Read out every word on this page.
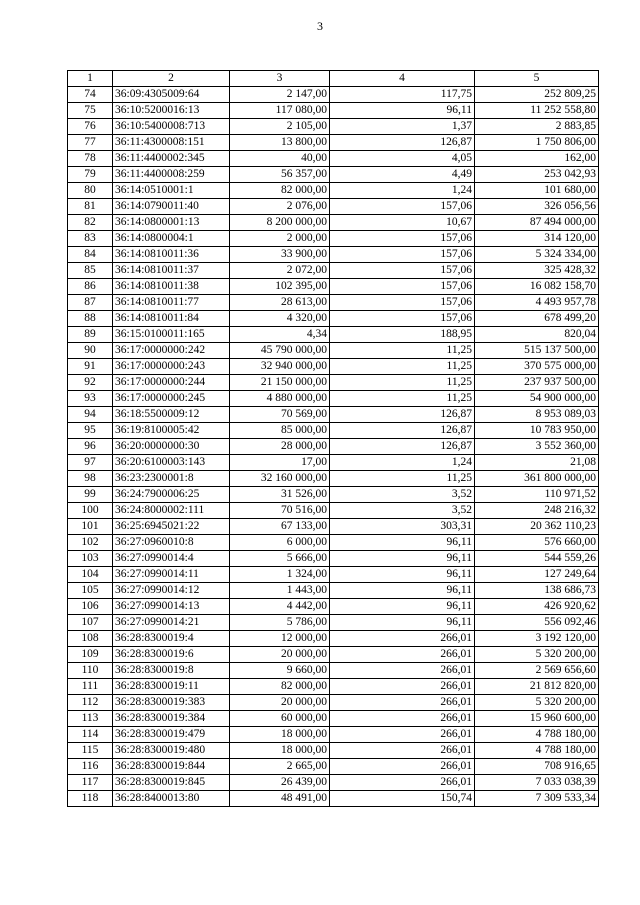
3
1	2	3	4	5
74	36:09:4305009:64	2 147,00	117,75	252 809,25
75	36:10:5200016:13	117 080,00	96,11	11 252 558,80
76	36:10:5400008:713	2 105,00	1,37	2 883,85
77	36:11:4300008:151	13 800,00	126,87	1 750 806,00
78	36:11:4400002:345	40,00	4,05	162,00
79	36:11:4400008:259	56 357,00	4,49	253 042,93
80	36:14:0510001:1	82 000,00	1,24	101 680,00
81	36:14:0790011:40	2 076,00	157,06	326 056,56
82	36:14:0800001:13	8 200 000,00	10,67	87 494 000,00
83	36:14:0800004:1	2 000,00	157,06	314 120,00
84	36:14:0810011:36	33 900,00	157,06	5 324 334,00
85	36:14:0810011:37	2 072,00	157,06	325 428,32
86	36:14:0810011:38	102 395,00	157,06	16 082 158,70
87	36:14:0810011:77	28 613,00	157,06	4 493 957,78
88	36:14:0810011:84	4 320,00	157,06	678 499,20
89	36:15:0100011:165	4,34	188,95	820,04
90	36:17:0000000:242	45 790 000,00	11,25	515 137 500,00
91	36:17:0000000:243	32 940 000,00	11,25	370 575 000,00
92	36:17:0000000:244	21 150 000,00	11,25	237 937 500,00
93	36:17:0000000:245	4 880 000,00	11,25	54 900 000,00
94	36:18:5500009:12	70 569,00	126,87	8 953 089,03
95	36:19:8100005:42	85 000,00	126,87	10 783 950,00
96	36:20:0000000:30	28 000,00	126,87	3 552 360,00
97	36:20:6100003:143	17,00	1,24	21,08
98	36:23:2300001:8	32 160 000,00	11,25	361 800 000,00
99	36:24:7900006:25	31 526,00	3,52	110 971,52
100	36:24:8000002:111	70 516,00	3,52	248 216,32
101	36:25:6945021:22	67 133,00	303,31	20 362 110,23
102	36:27:0960010:8	6 000,00	96,11	576 660,00
103	36:27:0990014:4	5 666,00	96,11	544 559,26
104	36:27:0990014:11	1 324,00	96,11	127 249,64
105	36:27:0990014:12	1 443,00	96,11	138 686,73
106	36:27:0990014:13	4 442,00	96,11	426 920,62
107	36:27:0990014:21	5 786,00	96,11	556 092,46
108	36:28:8300019:4	12 000,00	266,01	3 192 120,00
109	36:28:8300019:6	20 000,00	266,01	5 320 200,00
110	36:28:8300019:8	9 660,00	266,01	2 569 656,60
111	36:28:8300019:11	82 000,00	266,01	21 812 820,00
112	36:28:8300019:383	20 000,00	266,01	5 320 200,00
113	36:28:8300019:384	60 000,00	266,01	15 960 600,00
114	36:28:8300019:479	18 000,00	266,01	4 788 180,00
115	36:28:8300019:480	18 000,00	266,01	4 788 180,00
116	36:28:8300019:844	2 665,00	266,01	708 916,65
117	36:28:8300019:845	26 439,00	266,01	7 033 038,39
118	36:28:8400013:80	48 491,00	150,74	7 309 533,34
